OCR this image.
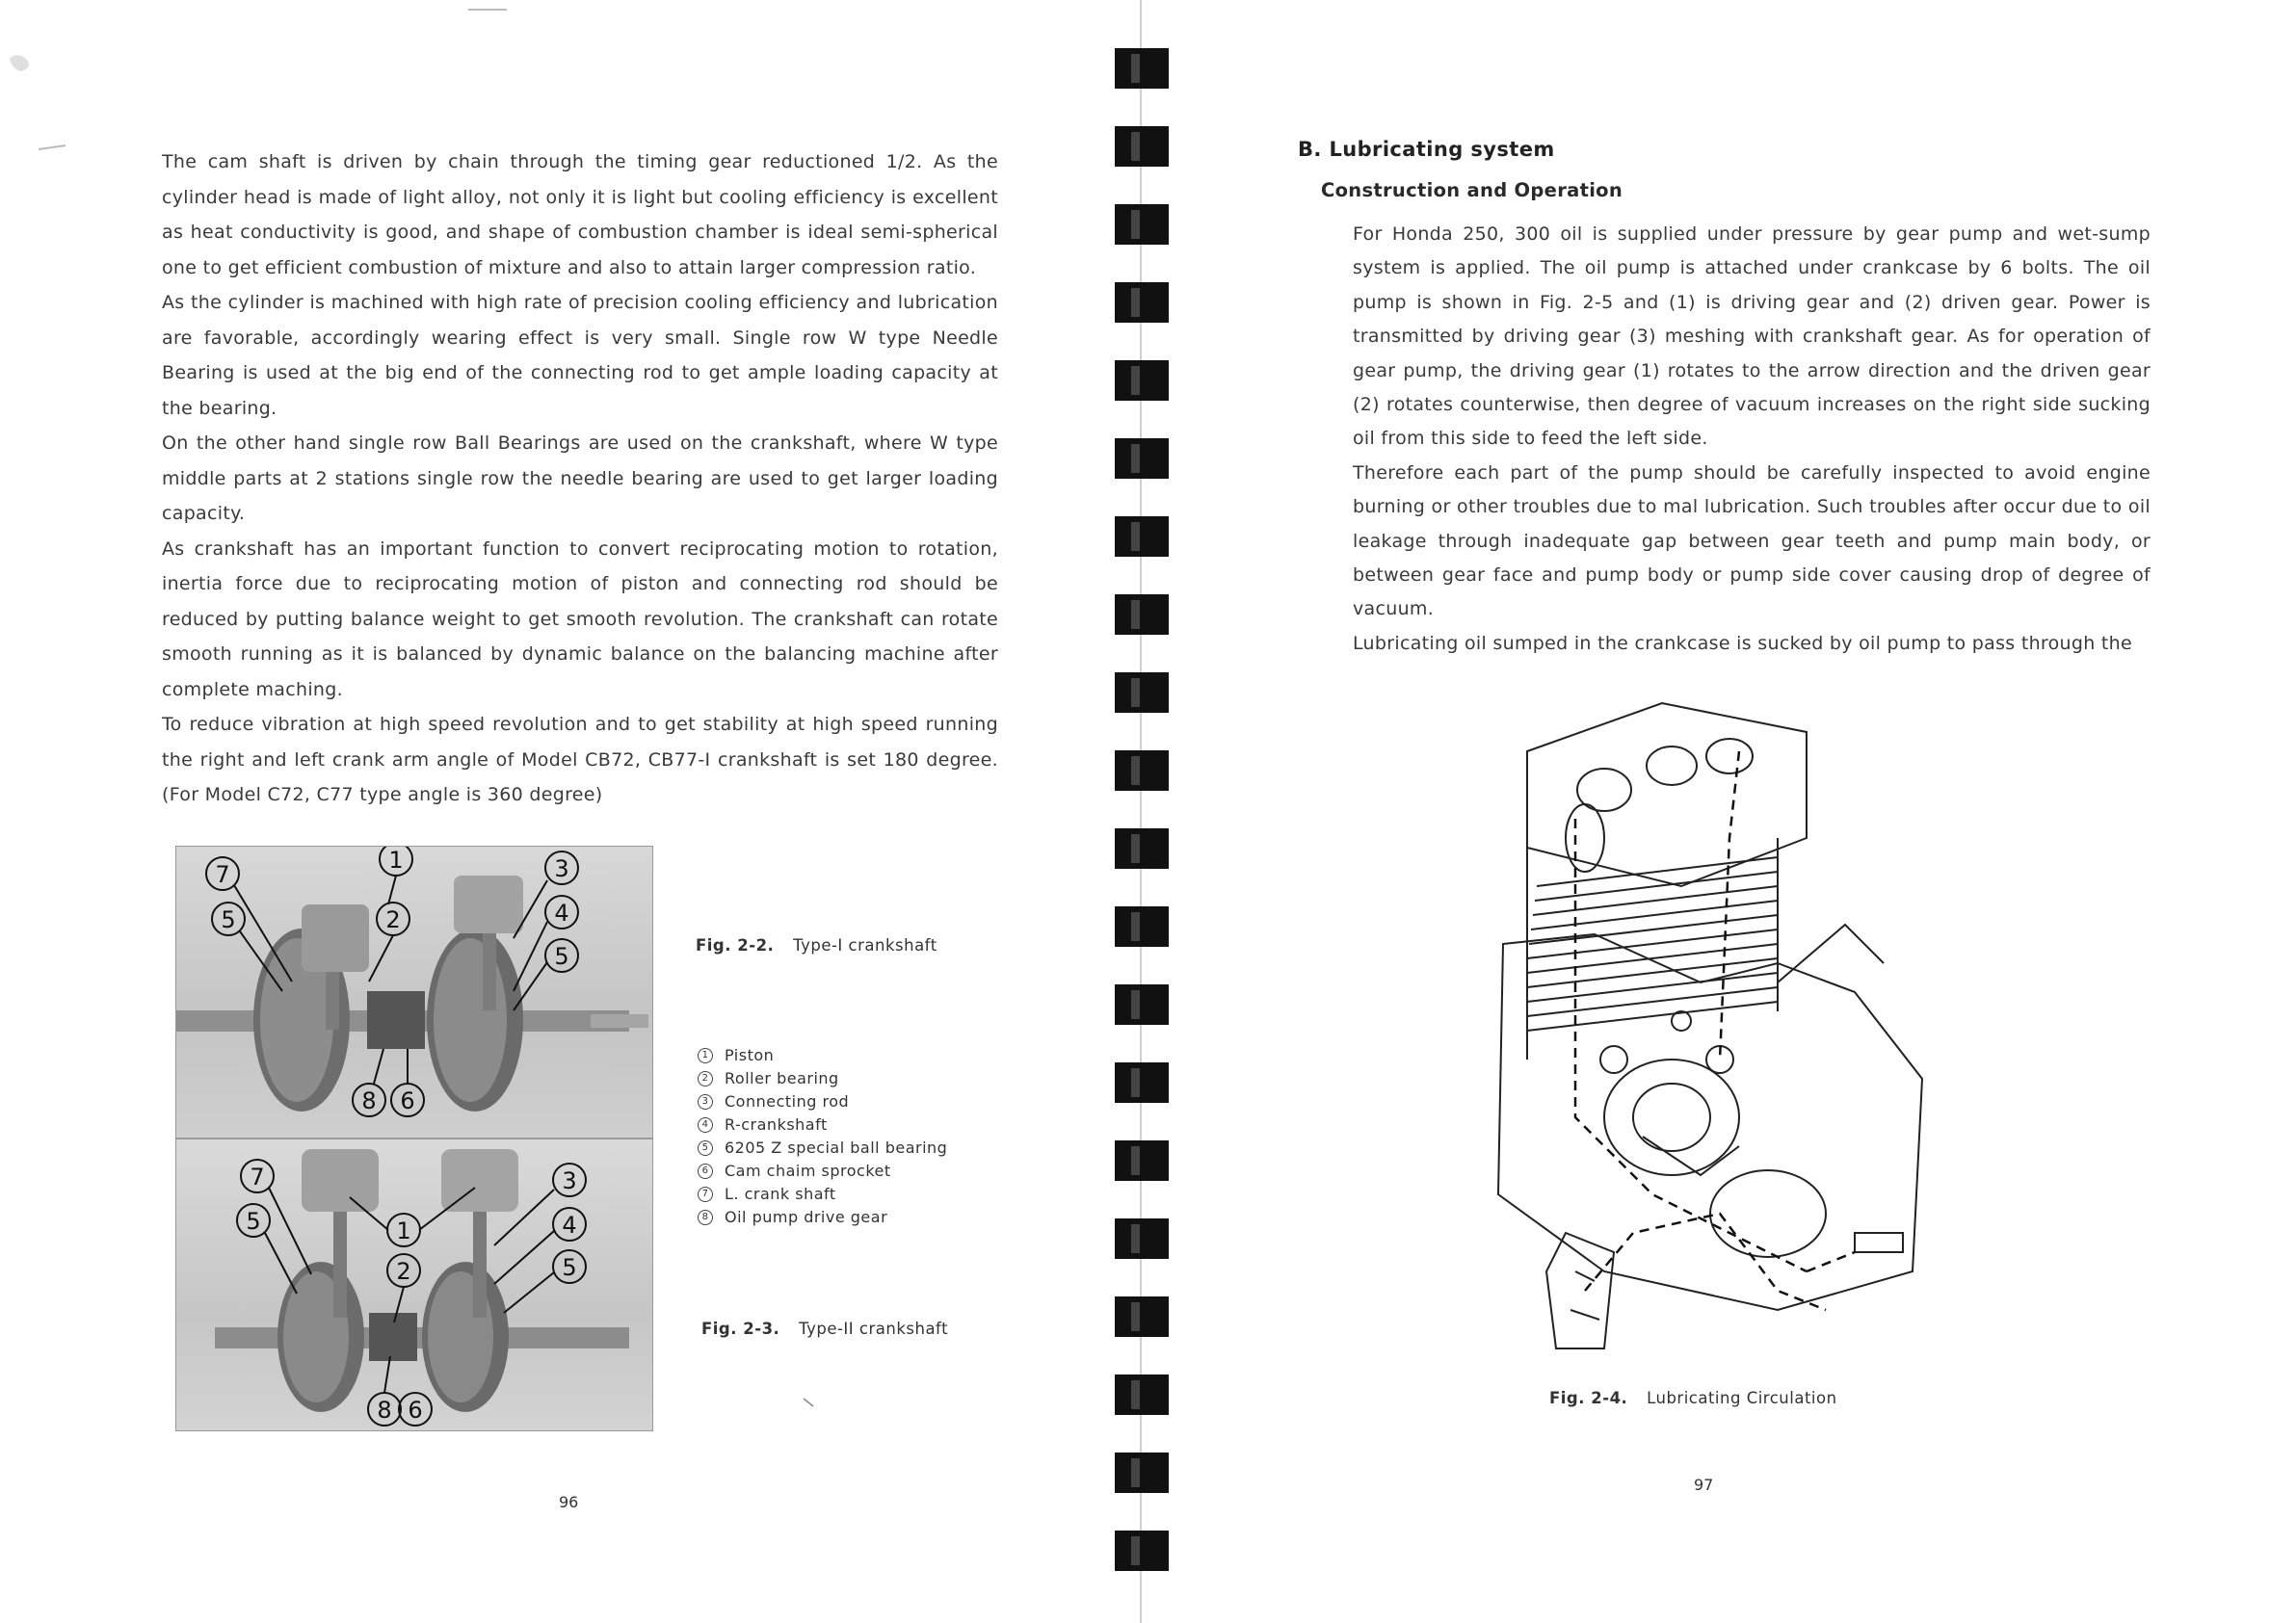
The cam shaft is driven by chain through the timing gear reductioned 1/2. As the cylinder head is made of light alloy, not only it is light but cooling efficiency is excellent as heat conductivity is good, and shape of combustion chamber is ideal semi-spherical one to get efficient combustion of mixture and also to attain larger compression ratio.

As the cylinder is machined with high rate of precision cooling efficiency and lubrication are favorable, accordingly wearing effect is very small. Single row W type Needle Bearing is used at the big end of the connecting rod to get ample loading capacity at the bearing.

On the other hand single row Ball Bearings are used on the crankshaft, where W type middle parts at 2 stations single row the needle bearing are used to get larger loading capacity.

As crankshaft has an important function to convert reciprocating motion to rotation, inertia force due to reciprocating motion of piston and connecting rod should be reduced by putting balance weight to get smooth revolution. The crankshaft can rotate smooth running as it is balanced by dynamic balance on the balancing machine after complete maching.

To reduce vibration at high speed revolution and to get stability at high speed running the right and left crank arm angle of Model CB72, CB77-I crankshaft is set 180 degree. (For Model C72, C77 type angle is 360 degree)

1
7
2
3
5	4
5
8 6
7	3
5	1	4
2	5
8 6
Fig. 2-2. Type-I crankshaft
1 Piston
2 Roller bearing
3 Connecting rod
4 R-crankshaft
5 6205 Z special ball bearing
6 Cam chaim sprocket
7 L. crank shaft
8 Oil pump drive gear
Fig. 2-3. Type-II crankshaft
96
B. Lubricating system
Construction and Operation

For Honda 250, 300 oil is supplied under pressure by gear pump and wet-sump system is applied. The oil pump is attached under crankcase by 6 bolts. The oil pump is shown in Fig. 2-5 and (1) is driving gear and (2) driven gear. Power is transmitted by driving gear (3) meshing with crankshaft gear. As for operation of gear pump, the driving gear (1) rotates to the arrow direction and the driven gear (2) rotates counterwise, then degree of vacuum increases on the right side sucking oil from this side to feed the left side.

Therefore each part of the pump should be carefully inspected to avoid engine burning or other troubles due to mal lubrication. Such troubles after occur due to oil leakage through inadequate gap between gear teeth and pump main body, or between gear face and pump body or pump side cover causing drop of degree of vacuum.

Lubricating oil sumped in the crankcase is sucked by oil pump to pass through the

Fig. 2-4. Lubricating Circulation
97
